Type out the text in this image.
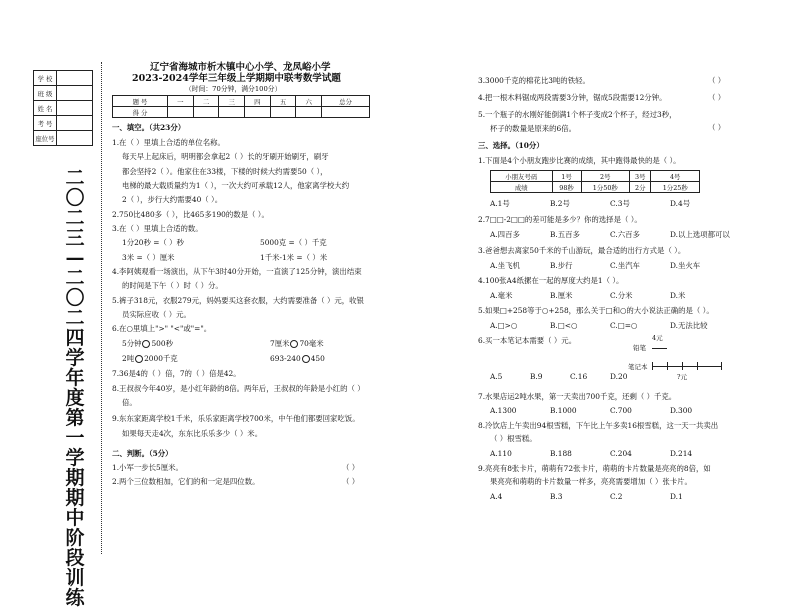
学 校	
班 级	
姓 名	
考 号	
座位号	
二〇二三—二〇二四学年度第一学期期中阶段训练
辽宁省海城市析木镇中心小学、龙凤峪小学
2023-2024学年三年级上学期期中联考数学试题
（时间：70分钟，满分100分）
题 号	一	二	三	四	五	六	总分
得 分							
一、填空。（共23分）
1.在（ ）里填上合适的单位名称。
每天早上起床后，明明都会拿起2（ ）长的牙刷开始刷牙，刷牙
都会坚持2（ ）。他家住在33楼，下楼的时候大约需要50（ ），
电梯的最大载质量约为1（ ），一次大约可承载12人，他家离学校大约
2（ ），步行大约需要40（ ）。
2.750比480多（ ），比465多190的数是（ ）。
3.在（ ）里填上合适的数。
1分20秒 =（ ）秒	5000克 =（ ）千克
3米 =（ ）厘米	1千米-1米 =（ ）米
4.李阿姨观看一场演出，从下午3时40分开始，一直演了125分钟，演出结束
的时间是下午（ ）时（ ）分。
5.裤子318元，衣服279元，妈妈要买这套衣服，大约需要准备（ ）元，收银
员实际应收（ ）元。
6.在○里填上">" "<"或"="。
5分钟 500秒	7厘米 70毫米
2吨 2000千克	693-240 450
7.36是4的（ ）倍，7的（ ）倍是42。
8.王叔叔今年40岁，是小红年龄的8倍。两年后，王叔叔的年龄是小红的（ ）
倍。
9.东东家距离学校1千米，乐乐家距离学校700米，中午他们都要回家吃饭。
如果每天走4次，东东比乐乐多少（ ）米。
二、判断。（5分）
1.小军一步长5厘米。	（ ）
2.两个三位数相加，它们的和一定是四位数。	（ ）
3.3000千克的棉花比3吨的铁轻。	（ ）
4.把一根木料锯成两段需要3分钟，锯成5段需要12分钟。	（ ）
5.一个瓶子的水刚好能倒满1个杯子变成2个杯子，经过3秒，
（ ）
杯子的数量是原来的6倍。
三、选择。（10分）
1.下面是4个小朋友跑步比赛的成绩，其中跑得最快的是（ ）。
小朋友号码	1号	2号	3号	4号
成绩	98秒	1分50秒	2分	1分25秒
A.1号	B.2号	C.3号	D.4号
2.7□□-2□□的差可能是多少？你的选择是（ ）。
A.四百多	B.五百多	C.六百多	D.以上选项都可以
3.爸爸想去离家50千米的千山游玩，最合适的出行方式是（ ）。
A.坐飞机	B.步行	C.坐汽车	D.坐火车
4.100张A4纸摞在一起的厚度大约是1（ ）。
A.毫米	B.厘米	C.分米	D.米
5.如果□+258等于○+258，那么关于□和○的大小说法正确的是（ ）。
A.□>○	B.□<○	C.□=○	D.无法比较
6.买一本笔记本需要（ ）元。
铅笔
4元
笔记本
?元
A.5	B.9	C.16	D.20
7.水果店运2吨水果，第一天卖出700千克，还剩（ ）千克。
A.1300	B.1000	C.700	D.300
8.冷饮店上午卖出94根雪糕，下午比上午多卖16根雪糕，这一天一共卖出
（ ）根雪糕。
A.110	B.188	C.204	D.214
9.亮亮有8张卡片，萌萌有72张卡片，萌萌的卡片数量是亮亮的8倍，如
果亮亮和萌萌的卡片数量一样多，亮亮需要增加（ ）张卡片。
A.4	B.3	C.2	D.1
